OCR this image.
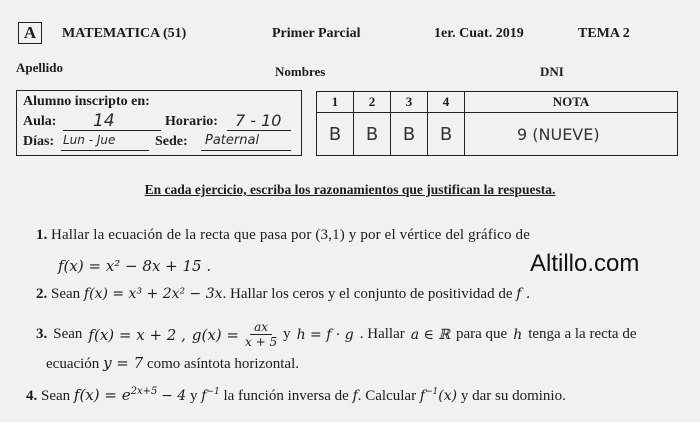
A	MATEMATICA (51)	Primer Parcial	1er. Cuat. 2019	TEMA 2
Apellido	Nombres	DNI
Alumno inscripto en:
Aula: 14	Horario: 7 - 10
Días: Lun - Jue	Sede: Paternal
1	2	3	4	NOTA
B	B	B	B	9 (NUEVE)
En cada ejercicio, escriba los razonamientos que justifican la respuesta.
1. Hallar la ecuación de la recta que pasa por (3,1) y por el vértice del gráfico de
f(x) = x² − 8x + 15 .
2. Sean f(x) = x³ + 2x² − 3x. Hallar los ceros y el conjunto de positividad de f .
3. Sean f(x) = x + 2 , $g(x) = \frac{ax}{x + 5}$ y h = f · g . Hallar a ∈ ℝ para que h tenga a la recta de
ecuación y = 7 como asíntota horizontal.
4. Sean $f(x) = e^{2x+5} - 4$ y $f^{-1}$ la función inversa de f. Calcular $f^{-1}(x)$ y dar su dominio.
Altillo.com
